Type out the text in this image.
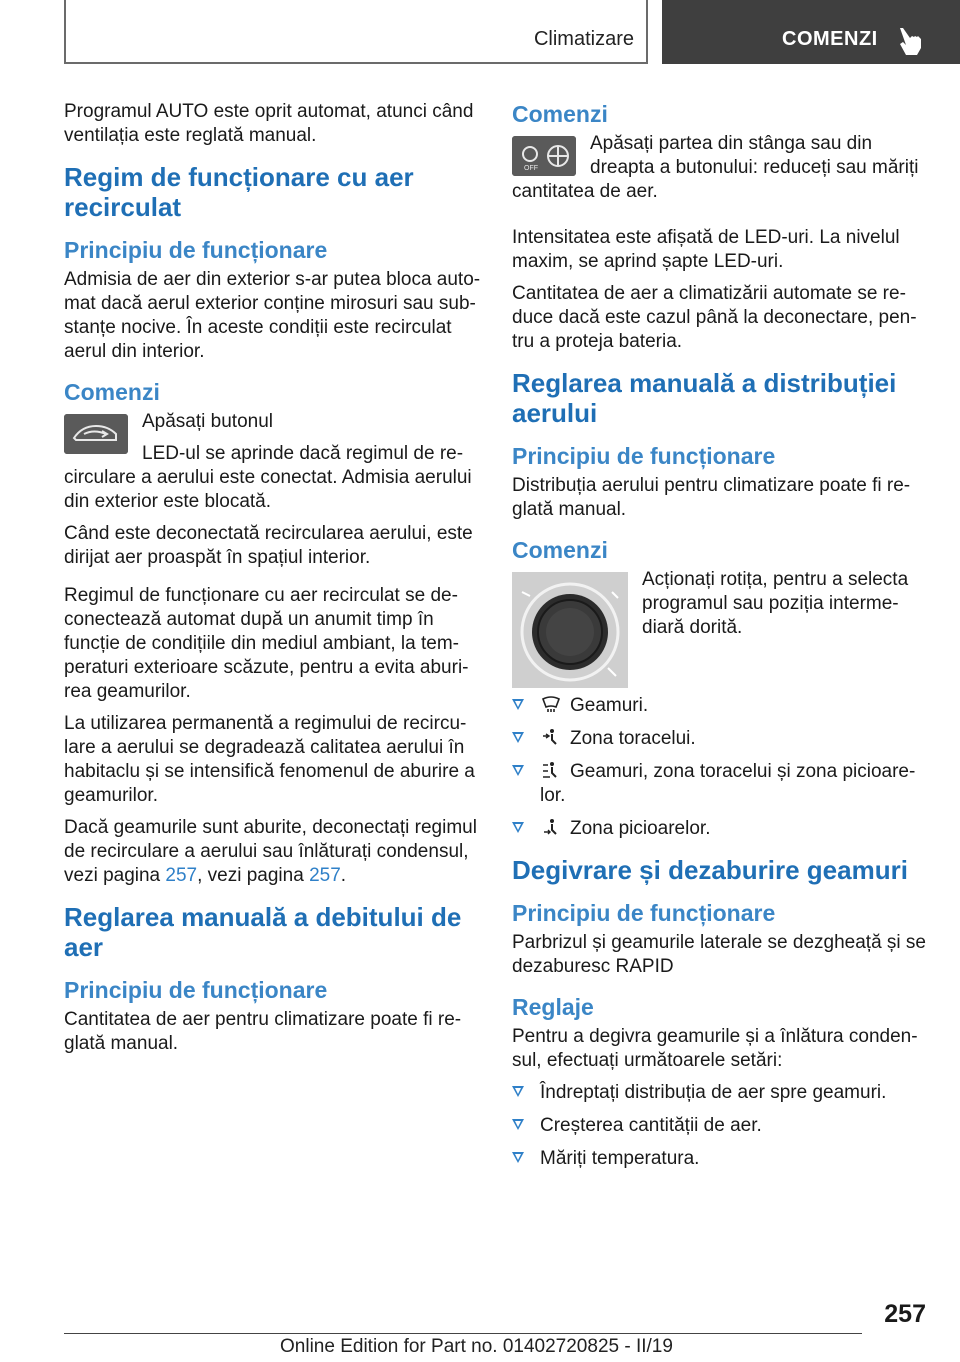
Climatizare	COMENZI

Programul AUTO este oprit automat, atunci când ventilația este reglată manual.

Regim de funcționare cu aer recirculat
Principiu de funcționare

Admisia de aer din exterior s-ar putea bloca auto-mat dacă aerul exterior conține mirosuri sau sub-stanțe nocive. În aceste condiții este recirculat aerul din interior.

Comenzi

Apăsați butonul

LED-ul se aprinde dacă regimul de re-circulare a aerului este conectat. Admisia aerului din exterior este blocată.

Când este deconectată recircularea aerului, este dirijat aer proaspăt în spațiul interior.

Regimul de funcționare cu aer recirculat se de-conectează automat după un anumit timp în funcție de condițiile din mediul ambiant, la tem-peraturi exterioare scăzute, pentru a evita aburi-rea geamurilor.

La utilizarea permanentă a regimului de recircu-lare a aerului se degradează calitatea aerului în habitaclu și se intensifică fenomenul de aburire a geamurilor.

Dacă geamurile sunt aburite, deconectați regimul de recirculare a aerului sau înlăturați condensul, vezi pagina 257, vezi pagina 257.

Reglarea manuală a debitului de aer
Principiu de funcționare

Cantitatea de aer pentru climatizare poate fi re-glată manual.

Comenzi
OFF

Apăsați partea din stânga sau din dreapta a butonului: reduceți sau măriți cantitatea de aer.

Intensitatea este afișată de LED-uri. La nivelul maxim, se aprind șapte LED-uri.

Cantitatea de aer a climatizării automate se re-duce dacă este cazul până la deconectare, pen-tru a proteja bateria.

Reglarea manuală a distribuției aerului
Principiu de funcționare

Distribuția aerului pentru climatizare poate fi re-glată manual.

Comenzi

Acționați rotița, pentru a selecta programul sau poziția interme-diară dorită.

Geamuri.
Zona toracelui.
Geamuri, zona toracelui și zona picioare-lor.
Zona picioarelor.
Degivrare și dezaburire geamuri
Principiu de funcționare

Parbrizul și geamurile laterale se dezgheață și se dezaburesc RAPID

Reglaje

Pentru a degivra geamurile și a înlătura conden-sul, efectuați următoarele setări:

Îndreptați distribuția de aer spre geamuri.
Creșterea cantității de aer.
Măriți temperatura.
257
Online Edition for Part no. 01402720825 - II/19
